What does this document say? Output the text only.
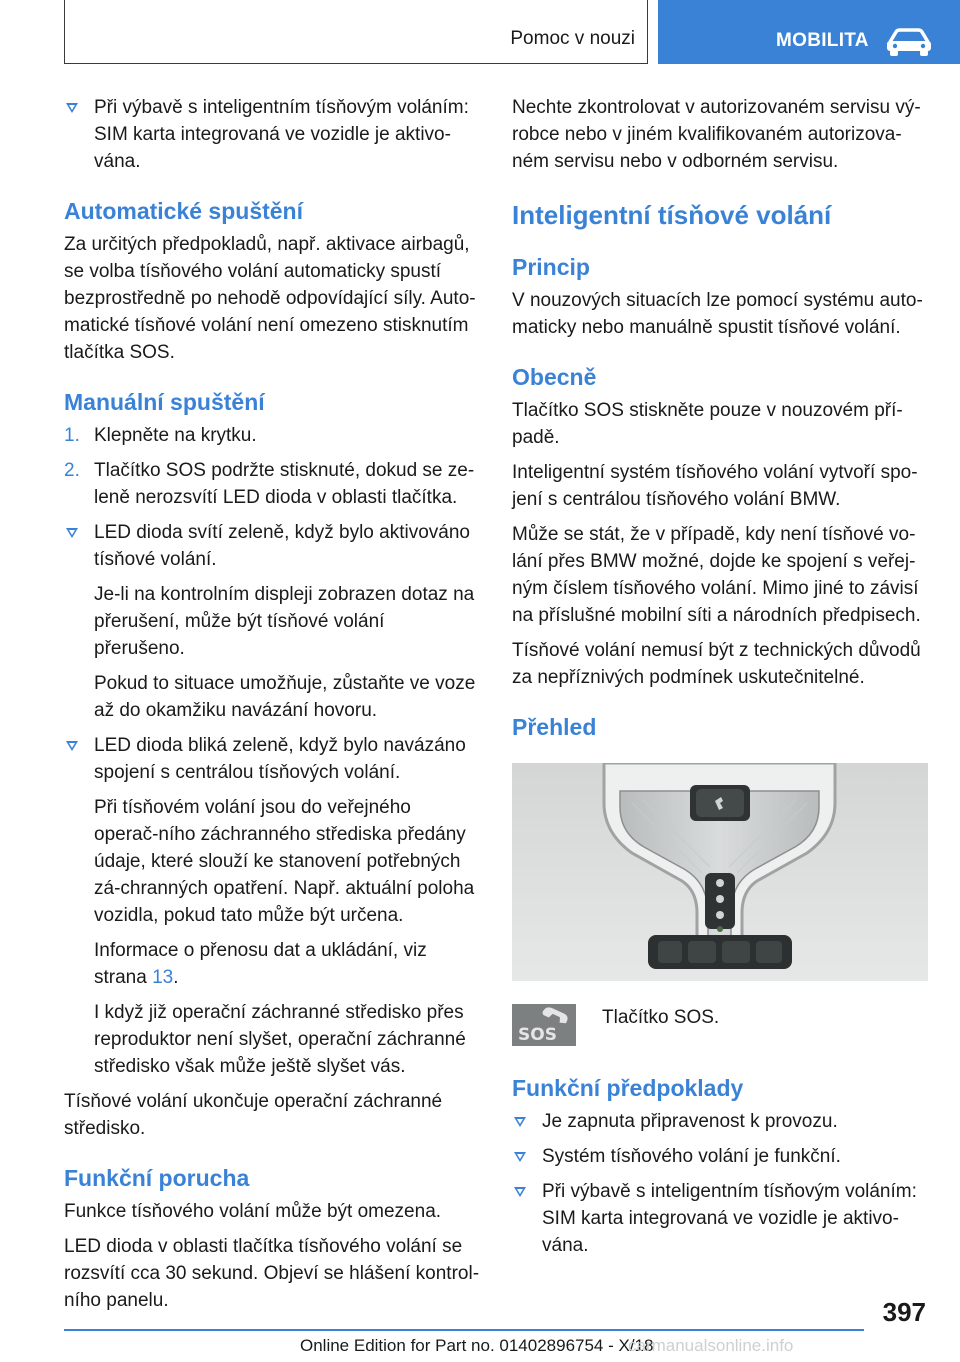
Pomoc v nouzi	MOBILITA

Při výbavě s inteligentním tísňovým voláním: SIM karta integrovaná ve vozidle je aktivo-vána.

Automatické spuštění

Za určitých předpokladů, např. aktivace airbagů, se volba tísňového volání automaticky spustí bezprostředně po nehodě odpovídající síly. Auto-matické tísňové volání není omezeno stisknutím tlačítka SOS.

Manuální spuštění
1. Klepněte na krytku.

2. Tlačítko SOS podržte stisknuté, dokud se ze-leně nerozsvítí LED dioda v oblasti tlačítka.

LED dioda svítí zeleně, když bylo aktivováno tísňové volání.

Je-li na kontrolním displeji zobrazen dotaz na přerušení, může být tísňové volání přerušeno.

Pokud to situace umožňuje, zůstaňte ve voze až do okamžiku navázání hovoru.

LED dioda bliká zeleně, když bylo navázáno spojení s centrálou tísňových volání.

Při tísňovém volání jsou do veřejného operač-ního záchranného střediska předány údaje, které slouží ke stanovení potřebných zá-chranných opatření. Např. aktuální poloha vozidla, pokud tato může být určena.

Informace o přenosu dat a ukládání, viz strana 13.

I když již operační záchranné středisko přes reproduktor není slyšet, operační záchranné středisko však může ještě slyšet vás.

Tísňové volání ukončuje operační záchranné středisko.

Funkční porucha

Funkce tísňového volání může být omezena.

LED dioda v oblasti tlačítka tísňového volání se rozsvítí cca 30 sekund. Objeví se hlášení kontrol-ního panelu.

Nechte zkontrolovat v autorizovaném servisu vý-robce nebo v jiném kvalifikovaném autorizova-ném servisu nebo v odborném servisu.

Inteligentní tísňové volání
Princip

V nouzových situacích lze pomocí systému auto-maticky nebo manuálně spustit tísňové volání.

Obecně

Tlačítko SOS stiskněte pouze v nouzovém pří-padě.

Inteligentní systém tísňového volání vytvoří spo-jení s centrálou tísňového volání BMW.

Může se stát, že v případě, kdy není tísňové vo-lání přes BMW možné, dojde ke spojení s veřej-ným číslem tísňového volání. Mimo jiné to závisí na příslušné mobilní síti a národních předpisech.

Tísňové volání nemusí být z technických důvodů za nepříznivých podmínek uskutečnitelné.

Přehled
SOS

Tlačítko SOS.

Funkční předpoklady

Je zapnuta připravenost k provozu.

Systém tísňového volání je funkční.

Při výbavě s inteligentním tísňovým voláním: SIM karta integrovaná ve vozidle je aktivo-vána.

397
Online Edition for Part no. 01402896754 - X/18
carmanualsonline.info
